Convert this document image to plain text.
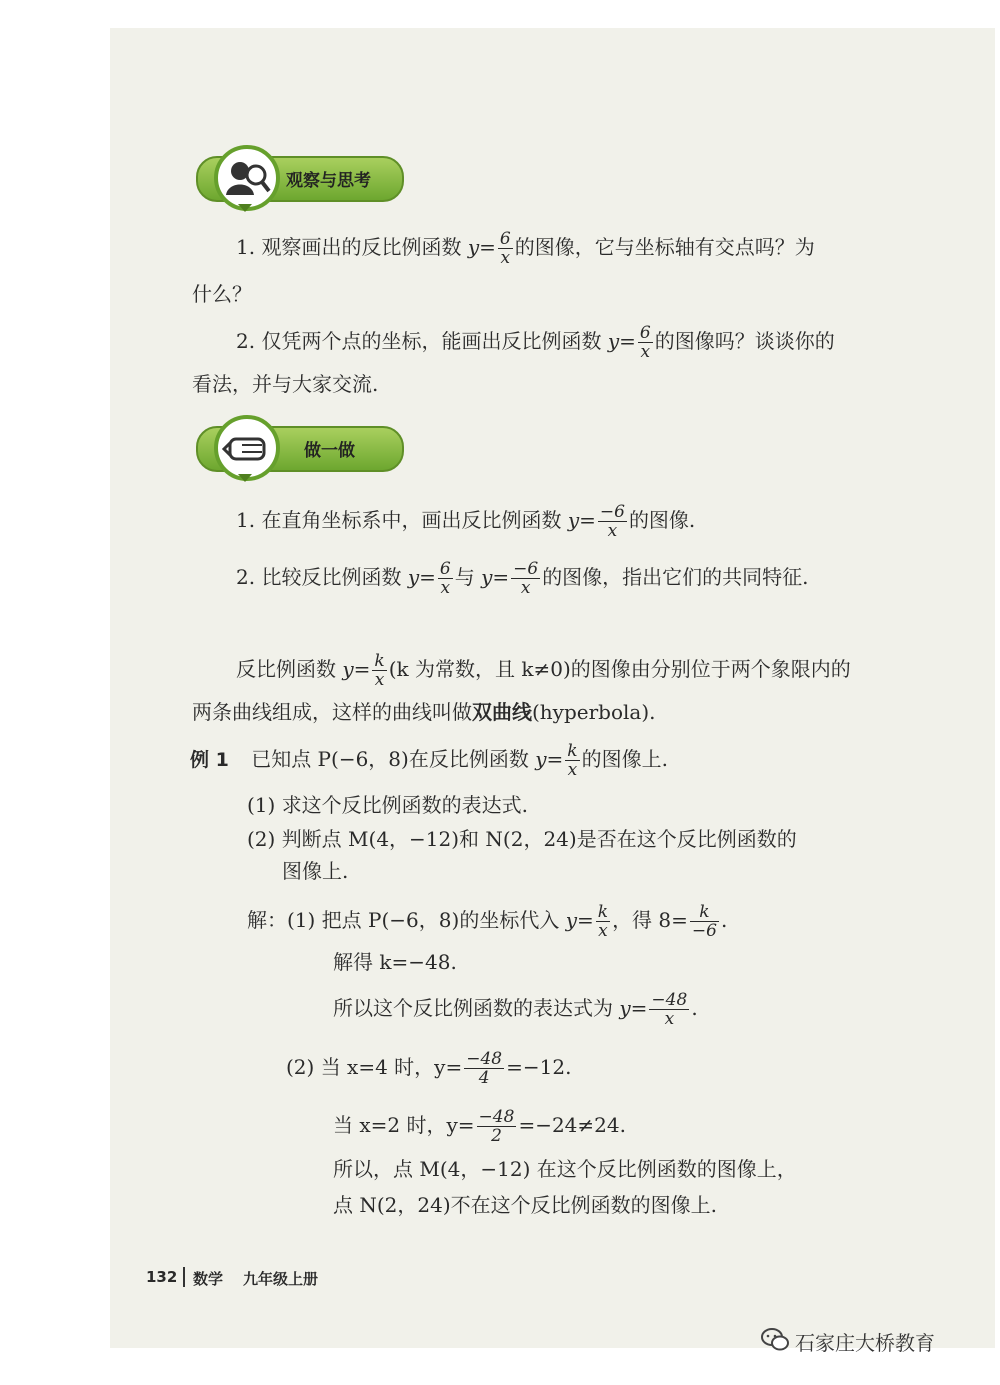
观察与思考
1. 观察画出的反比例函数 $y= \frac{6}{x}$ 的图像，它与坐标轴有交点吗？为
什么？
2. 仅凭两个点的坐标，能画出反比例函数 $y= \frac{6}{x}$ 的图像吗？谈谈你的
看法，并与大家交流.
做一做
1. 在直角坐标系中，画出反比例函数 $y= \frac{-6}{x}$ 的图像.
2. 比较反比例函数 $y= \frac{6}{x}$ 与 $y= \frac{-6}{x}$ 的图像，指出它们的共同特征.
反比例函数 $y= \frac{k}{x} (k$ 为常数，且 k≠0)的图像由分别位于两个象限内的
两条曲线组成，这样的曲线叫做双曲线(hyperbola).
例 1 已知点 P(−6，8)在反比例函数 $y= \frac{k}{x}$ 的图像上.
(1) 求这个反比例函数的表达式.
(2) 判断点 M(4，−12)和 N(2，24)是否在这个反比例函数的
图像上.
解：(1) 把点 P(−6，8)的坐标代入 $y= \frac{k}{x}$ ，得 $8= \frac{k}{-6}$ .
解得 k=−48.
所以这个反比例函数的表达式为 $y= \frac{-48}{x}$ .
(2) 当 x=4 时，$y= \frac{-48}{4} =-12$.
当 x=2 时，$y= \frac{-48}{2} =-24\ne 24$.
所以，点 M(4，−12) 在这个反比例函数的图像上，
点 N(2，24)不在这个反比例函数的图像上.
132 数学 九年级上册
石家庄大桥教育
